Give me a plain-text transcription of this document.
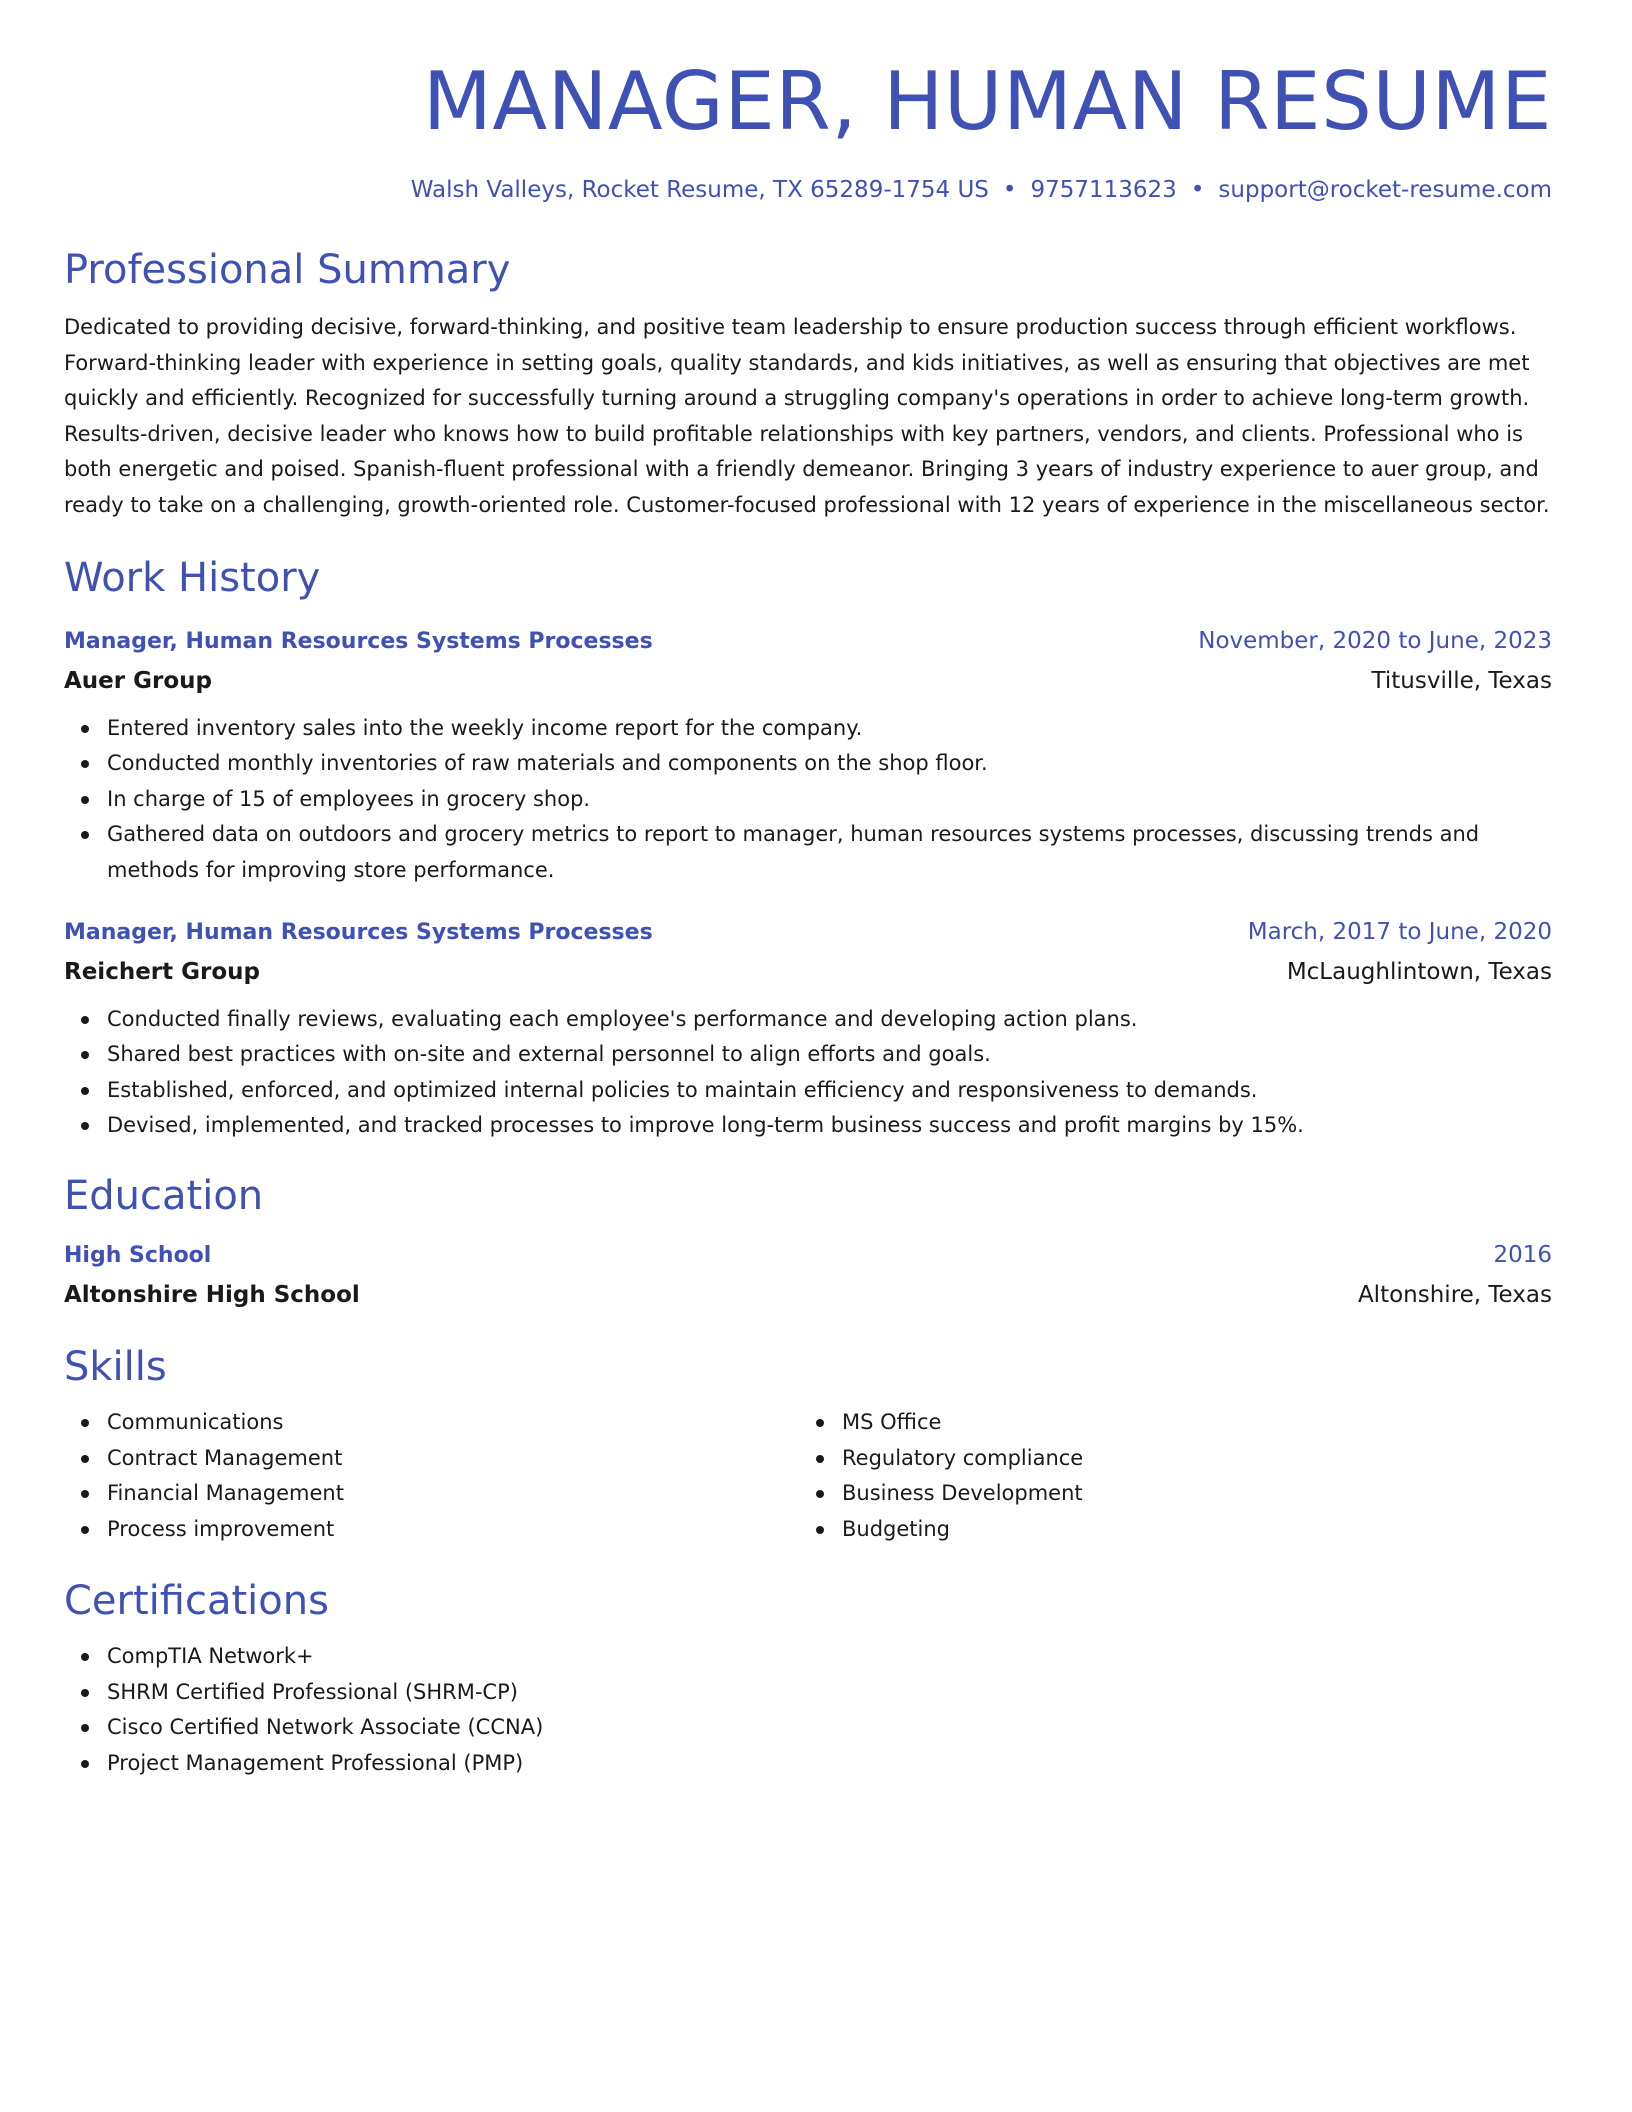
MANAGER, HUMAN RESUME
Walsh Valleys, Rocket Resume, TX 65289-1754 US • 9757113623 • support@rocket-resume.com
Professional Summary
Dedicated to providing decisive, forward-thinking, and positive team leadership to ensure production success through efficient workflows. Forward-thinking leader with experience in setting goals, quality standards, and kids initiatives, as well as ensuring that objectives are met quickly and efficiently. Recognized for successfully turning around a struggling company's operations in order to achieve long-term growth. Results-driven, decisive leader who knows how to build profitable relationships with key partners, vendors, and clients. Professional who is both energetic and poised. Spanish-fluent professional with a friendly demeanor. Bringing 3 years of industry experience to auer group, and ready to take on a challenging, growth-oriented role. Customer-focused professional with 12 years of experience in the miscellaneous sector.
Work History
Manager, Human Resources Systems Processes	November, 2020 to June, 2023
Auer Group	Titusville, Texas
Entered inventory sales into the weekly income report for the company.
Conducted monthly inventories of raw materials and components on the shop floor.
In charge of 15 of employees in grocery shop.
Gathered data on outdoors and grocery metrics to report to manager, human resources systems processes, discussing trends and methods for improving store performance.
Manager, Human Resources Systems Processes	March, 2017 to June, 2020
Reichert Group	McLaughlintown, Texas
Conducted finally reviews, evaluating each employee's performance and developing action plans.
Shared best practices with on-site and external personnel to align efforts and goals.
Established, enforced, and optimized internal policies to maintain efficiency and responsiveness to demands.
Devised, implemented, and tracked processes to improve long-term business success and profit margins by 15%.
Education
High School	2016
Altonshire High School	Altonshire, Texas
Skills
Communications
Contract Management
Financial Management
Process improvement
MS Office
Regulatory compliance
Business Development
Budgeting
Certifications
CompTIA Network+
SHRM Certified Professional (SHRM-CP)
Cisco Certified Network Associate (CCNA)
Project Management Professional (PMP)
